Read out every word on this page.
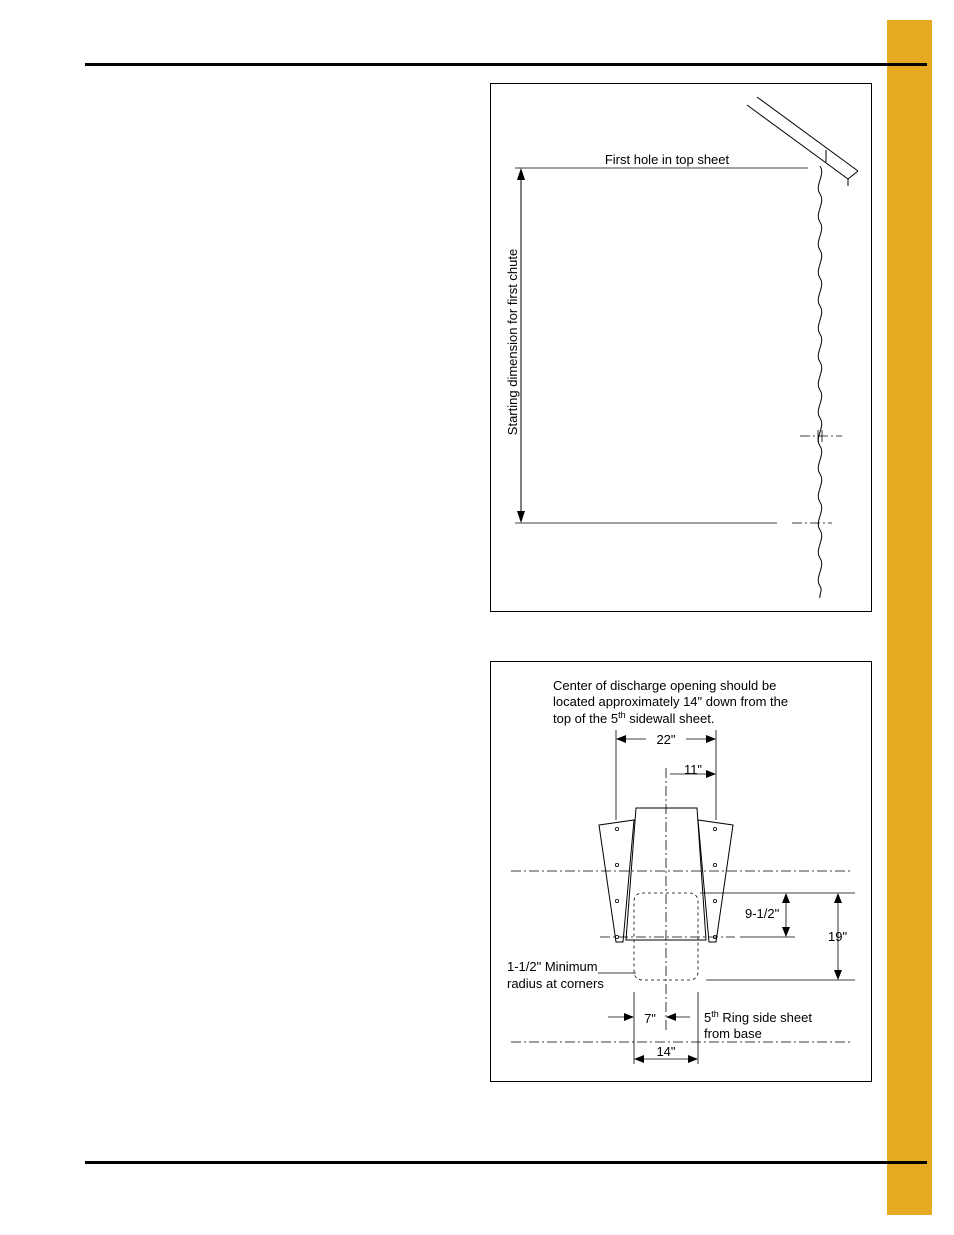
First hole in top sheet
Starting dimension for first chute
Center of discharge opening should be
located approximately 14" down from the
top of the 5th sidewall sheet.
22"
11"
9-1/2"
19"
1-1/2" Minimum
radius at corners
7"
14"
5th Ring side sheet
from base
